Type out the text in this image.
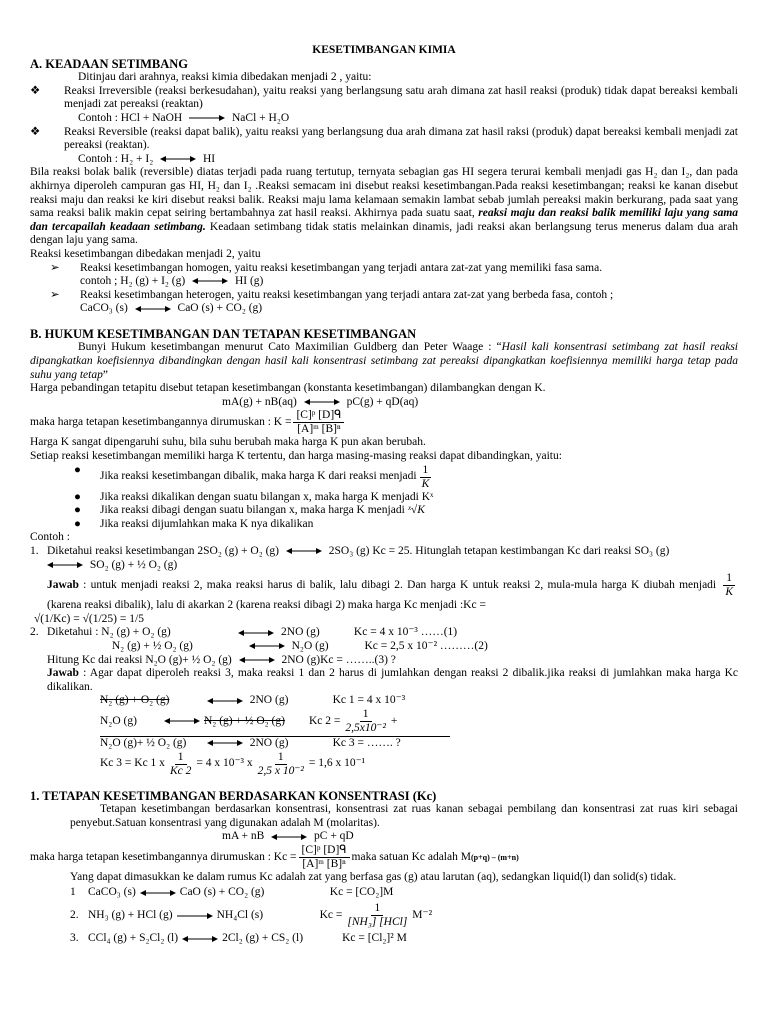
KESETIMBANGAN KIMIA
A. KEADAAN SETIMBANG
Ditinjau dari arahnya, reaksi kimia dibedakan menjadi 2 , yaitu:
❖	Reaksi Irreversible (reaksi berkesudahan), yaitu reaksi yang berlangsung satu arah dimana zat hasil reaksi (produk) tidak dapat bereaksi kembali menjadi zat pereaksi (reaktan)
Contoh : HCl + NaOH	NaCl + H₂O
❖	Reaksi Reversible (reaksi dapat balik), yaitu reaksi yang berlangsung dua arah dimana zat hasil raksi (produk) dapat bereaksi kembali menjadi zat pereaksi (reaktan).
Contoh : H₂ + I₂	HI
Bila reaksi bolak balik (reversible) diatas terjadi pada ruang tertutup, ternyata sebagian gas HI segera terurai kembali menjadi gas H₂ dan I₂, dan pada akhirnya diperoleh campuran gas HI, H₂ dan I₂ .Reaksi semacam ini disebut reaksi kesetimbangan.Pada reaksi kesetimbangan; reaksi ke kanan disebut reaksi maju dan reaksi ke kiri disebut reaksi balik. Reaksi maju lama kelamaan semakin lambat sebab jumlah pereaksi makin berkurang, pada saat yang sama reaksi balik makin cepat seiring bertambahnya zat hasil reaksi. Akhirnya pada suatu saat, reaksi maju dan reaksi balik memiliki laju yang sama dan tercapailah keadaan setimbang. Keadaan setimbang tidak statis melainkan dinamis, jadi reaksi akan berlangsung terus menerus dalam dua arah dengan laju yang sama.
Reaksi kesetimbangan dibedakan menjadi 2, yaitu
➢	Reaksi kesetimbangan homogen, yaitu reaksi kesetimbangan yang terjadi antara zat-zat yang memiliki fasa sama.
contoh ; H₂ (g) + I₂ (g)	HI (g)
➢	Reaksi kesetimbangan heterogen, yaitu reaksi kesetimbangan yang terjadi antara zat-zat yang berbeda fasa, contoh ;
CaCO₃ (s)	CaO (s) + CO₂ (g)
B. HUKUM KESETIMBANGAN DAN TETAPAN KESETIMBANGAN
Bunyi Hukum kesetimbangan menurut Cato Maximilian Guldberg dan Peter Waage : “Hasil kali konsentrasi setimbang zat hasil reaksi dipangkatkan koefisiennya dibandingkan dengan hasil kali konsentrasi setimbang zat pereaksi dipangkatkan koefisiennya memiliki harga tetap pada suhu yang tetap”
Harga pebandingan tetapitu disebut tetapan kesetimbangan (konstanta kesetimbangan) dilambangkan dengan K.
mA(g) + nB(aq)	pC(g) + qD(aq)
maka harga tetapan kesetimbangannya dirumuskan : $K = \frac{\text{[C]ᵖ [D]ᑫ}}{\text{[A]ᵐ [B]ⁿ}}$
Harga K sangat dipengaruhi suhu, bila suhu berubah maka harga K pun akan berubah.
Setiap reaksi kesetimbangan memiliki harga K tertentu, dan harga masing-masing reaksi dapat dibandingkan, yaitu:
●
Jika reaksi kesetimbangan dibalik, maka harga K dari reaksi menjadi $\frac{1}{K}$
●	Jika reaksi dikalikan dengan suatu bilangan x, maka harga K menjadi Kˣ
●	Jika reaksi dibagi dengan suatu bilangan x, maka harga K menjadi ˣ√K
●	Jika reaksi dijumlahkan maka K nya dikalikan
Contoh :
1. Diketahui reaksi kesetimbangan 2SO₂ (g) + O₂ (g)	2SO₃ (g) Kc = 25. Hitunglah tetapan kestimbangan Kc dari reaksi SO₃ (g)
SO₂ (g) + ½ O₂ (g)
Jawab : untuk menjadi reaksi 2, maka reaksi harus di balik, lalu dibagi 2. Dan harga K untuk reaksi 2, mula-mula harga K diubah menjadi $\frac{1}{K}$
(karena reaksi dibalik), lalu di akarkan 2 (karena reaksi dibagi 2) maka harga Kc menjadi :Kc =
√(1/Kc)
=
√(1/25)
=
1/5
2. Diketahui : N₂ (g) + O₂ (g)	2NO (g)	Kc = 4 x 10⁻³ ……(1)
N₂ (g) + ½ O₂ (g)	N₂O (g)	Kc = 2,5 x 10⁻² ………(2)
Hitung Kc dai reaksi N₂O (g)+ ½ O₂ (g)	2NO (g)Kc = ……..(3) ?
Jawab : Agar dapat diperoleh reaksi 3, maka reaksi 1 dan 2 harus di jumlahkan dengan reaksi 2 dibalik.jika reaksi di jumlahkan maka harga Kc dikalikan.
N₂ (g) + O₂ (g)	2NO (g)	Kc 1 = 4 x 10⁻³
N₂O (g)	N₂ (g) + ½ O₂ (g)	Kc $2 = \frac{1}{\text{2,5x10⁻²}}$ +
N₂O (g)+ ½ O₂ (g)	2NO (g)	Kc 3 = ……. ?
Kc 3 = Kc 1 x $\frac{1}{Kc 2} = 4$ x 10⁻³ x $\frac{1}{\text{2,5 x 10⁻²}} = 1,6$ x 10⁻¹
1. TETAPAN KESETIMBANGAN BERDASARKAN KONSENTRASI (Kc)
Tetapan kesetimbangan berdasarkan konsentrasi, konsentrasi zat ruas kanan sebagai pembilang dan konsentrasi zat ruas kiri sebagai penyebut.Satuan konsentrasi yang digunakan adalah M (molaritas).
mA + nB	pC + qD
maka harga tetapan kesetimbangannya dirumuskan : $Kc = \frac{\text{[C]ᵖ [D]ᑫ}}{\text{[A]ᵐ [B]ⁿ}}$ maka satuan Kc adalah M (p+q) – (m+n)
Yang dapat dimasukkan ke dalam rumus Kc adalah zat yang berfasa gas (g) atau larutan (aq), sedangkan liquid(l) dan solid(s) tidak.
1	CaCO₃ (s)	CaO (s) + CO₂ (g)	Kc = [CO₂]M
2. NH₃ (g) + HCl (g)	NH₄Cl (s)	$Kc = \frac{1}{\text{[NH₃] [HCl]}} M^{-2}$
3. CCl₄ (g) + S₂Cl₂ (l)	2Cl₂ (g) + CS₂ (l)	Kc = [Cl₂]² M
